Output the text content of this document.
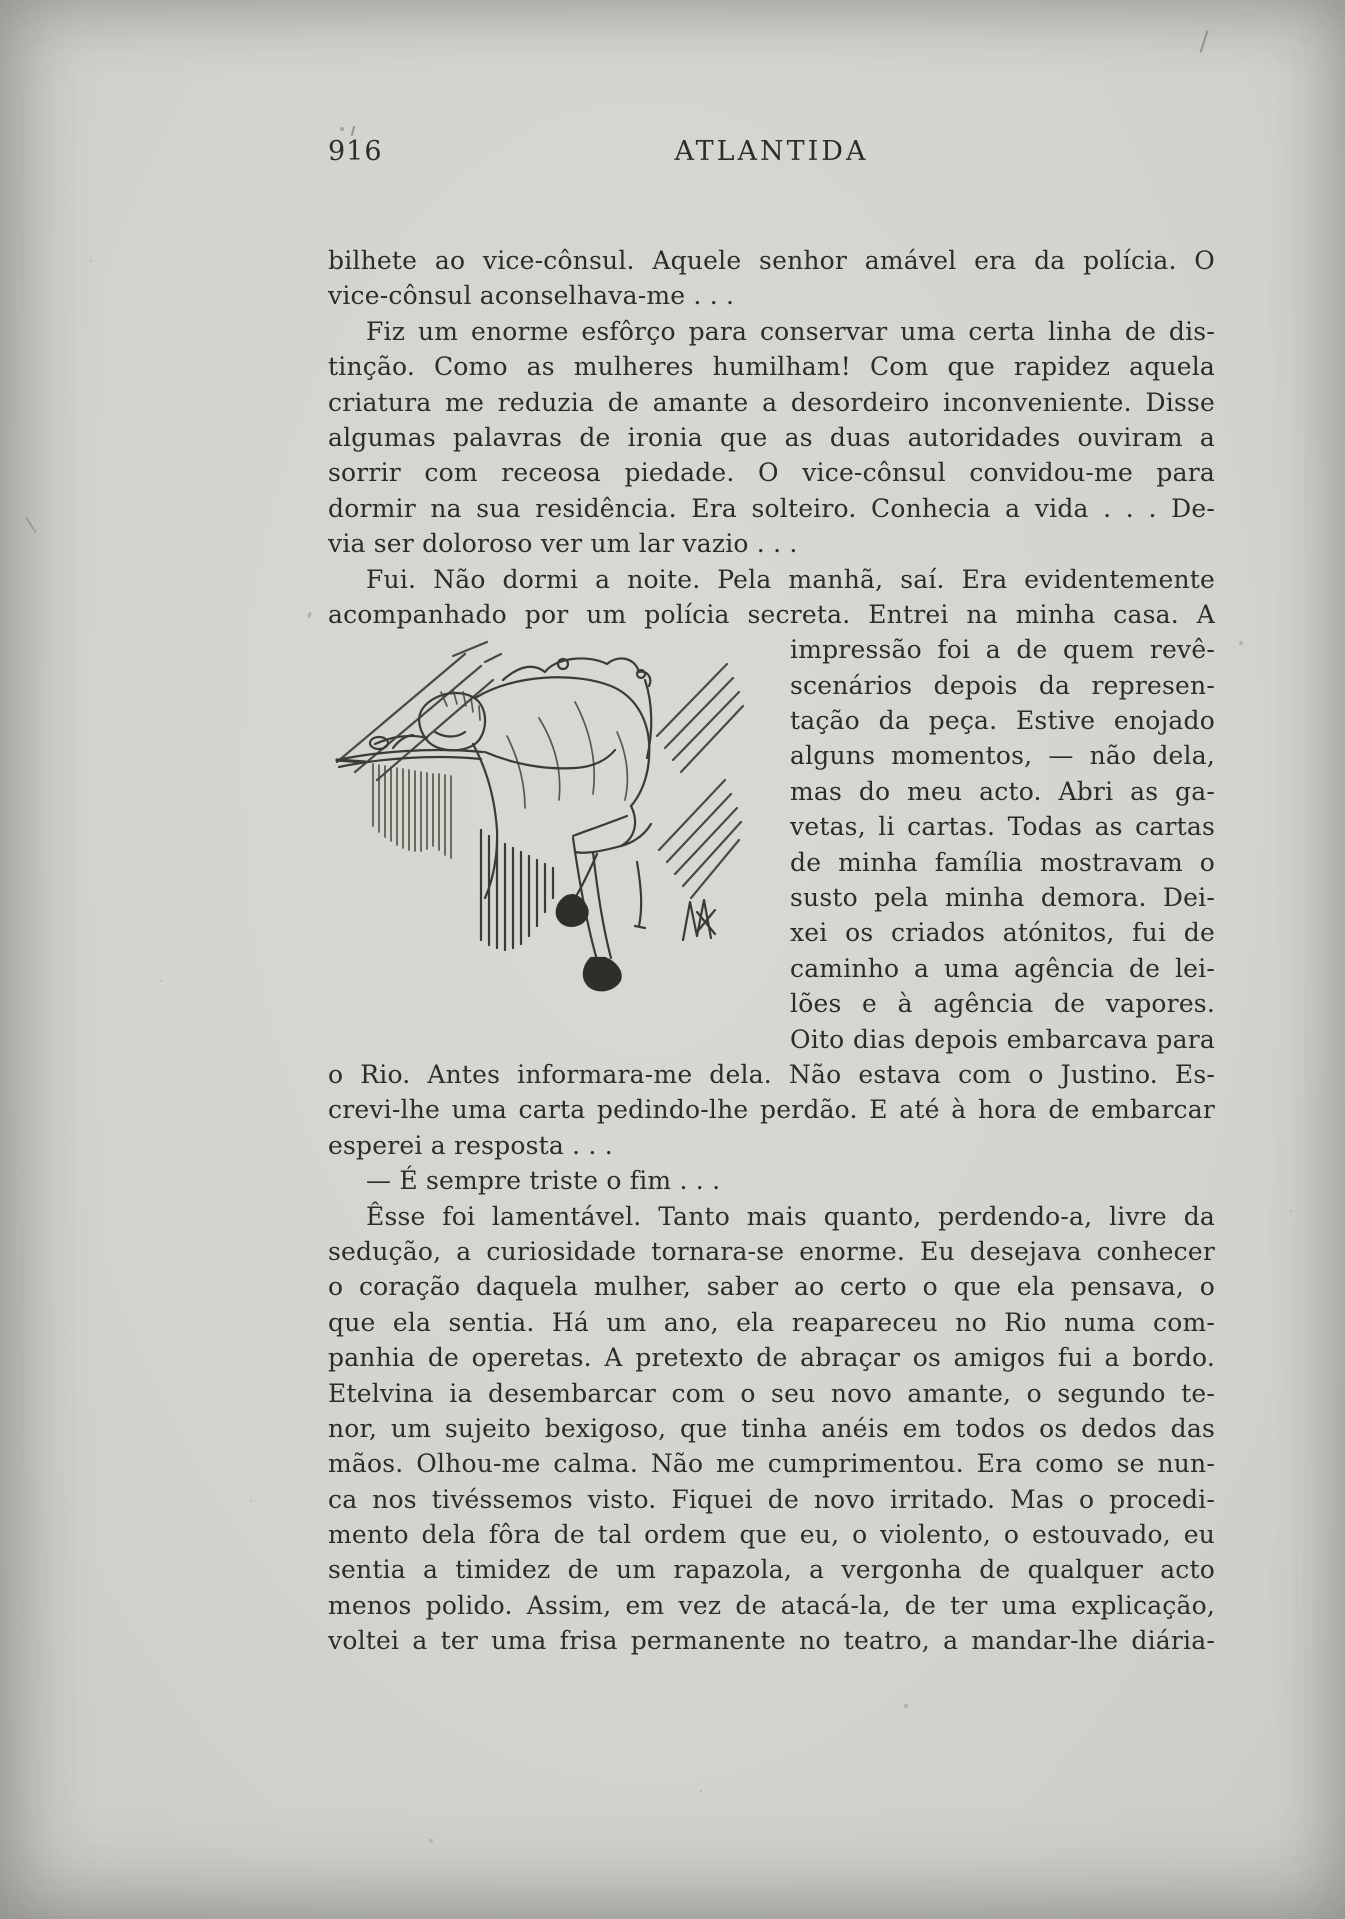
916	ATLANTIDA
bilhete ao vice-cônsul. Aquele senhor amável era da polícia. O
vice-cônsul aconselhava-me . . .
Fiz um enorme esfôrço para conservar uma certa linha de dis-
tinção. Como as mulheres humilham! Com que rapidez aquela
criatura me reduzia de amante a desordeiro inconveniente. Disse
algumas palavras de ironia que as duas autoridades ouviram a
sorrir com receosa piedade. O vice-cônsul convidou-me para
dormir na sua residência. Era solteiro. Conhecia a vida . . . De-
via ser doloroso ver um lar vazio . . .
Fui. Não dormi a noite. Pela manhã, saí. Era evidentemente
acompanhado por um polícia secreta. Entrei na minha casa. A
impressão foi a de quem revê-
scenários depois da represen-
tação da peça. Estive enojado
alguns momentos, — não dela,
mas do meu acto. Abri as ga-
vetas, li cartas. Todas as cartas
de minha família mostravam o
susto pela minha demora. Dei-
xei os criados atónitos, fui de
caminho a uma agência de lei-
lões e à agência de vapores.
Oito dias depois embarcava para
o Rio. Antes informara-me dela. Não estava com o Justino. Es-
crevi-lhe uma carta pedindo-lhe perdão. E até à hora de embarcar
esperei a resposta . . .
— É sempre triste o fim . . .
Êsse foi lamentável. Tanto mais quanto, perdendo-a, livre da
sedução, a curiosidade tornara-se enorme. Eu desejava conhecer
o coração daquela mulher, saber ao certo o que ela pensava, o
que ela sentia. Há um ano, ela reapareceu no Rio numa com-
panhia de operetas. A pretexto de abraçar os amigos fui a bordo.
Etelvina ia desembarcar com o seu novo amante, o segundo te-
nor, um sujeito bexigoso, que tinha anéis em todos os dedos das
mãos. Olhou-me calma. Não me cumprimentou. Era como se nun-
ca nos tivéssemos visto. Fiquei de novo irritado. Mas o procedi-
mento dela fôra de tal ordem que eu, o violento, o estouvado, eu
sentia a timidez de um rapazola, a vergonha de qualquer acto
menos polido. Assim, em vez de atacá-la, de ter uma explicação,
voltei a ter uma frisa permanente no teatro, a mandar-lhe diária-
